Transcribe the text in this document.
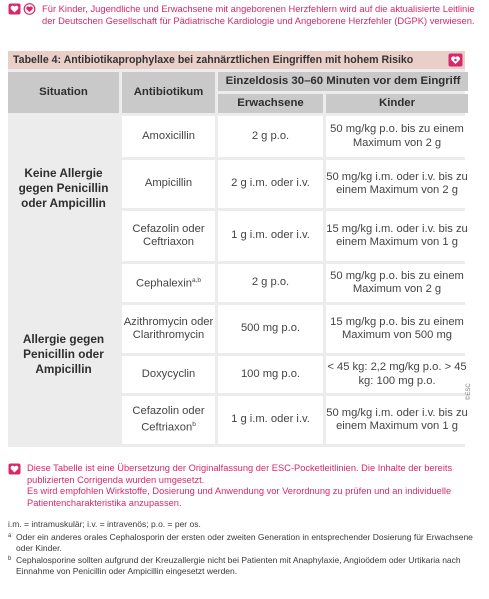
Für Kinder, Jugendliche und Erwachsene mit angeborenen Herzfehlern wird auf die aktualisierte Leitlinie der Deutschen Gesellschaft für Pädiatrische Kardiologie und Angeborene Herzfehler (DGPK) verwiesen.
Tabelle 4: Antibiotikaprophylaxe bei zahnärztlichen Eingriffen mit hohem Risiko
Situation	Antibiotikum	Einzeldosis 30–60 Minuten vor dem Eingriff	
		Erwachsene	Kinder
Keine Allergie gegen Penicillin oder Ampicillin	Amoxicillin	2 g p.o.	50 mg/kg p.o. bis zu einem Maximum von 2 g
	Ampicillin	2 g i.m. oder i.v.	50 mg/kg i.m. oder i.v. bis zu einem Maximum von 2 g
	Cefazolin oder Ceftriaxon	1 g i.m. oder i.v.	15 mg/kg i.m. oder i.v. bis zu einem Maximum von 1 g
Allergie gegen Penicillin oder Ampicillin	Cephalexin$^{a,b}$	2 g p.o.	50 mg/kg p.o. bis zu einem Maximum von 2 g
	Azithromycin oder Clarithromycin	500 mg p.o.	15 mg/kg p.o. bis zu einem Maximum von 500 mg
	Doxycyclin	100 mg p.o.	< 45 kg: 2,2 mg/kg p.o. > 45 kg: 100 mg p.o.
	Cefazolin oder Ceftriaxon$^b$	1 g i.m. oder i.v.	50 mg/kg i.m. oder i.v. bis zu einem Maximum von 1 g
©ESC
Diese Tabelle ist eine Übersetzung der Originalfassung der ESC-Pocketleitlinien. Die Inhalte der bereits publizierten Corrigenda wurden umgesetzt.
Es wird empfohlen Wirkstoffe, Dosierung und Anwendung vor Verordnung zu prüfen und an individuelle Patientencharakteristika anzupassen.
i.m. = intramuskulär; i.v. = intravenös; p.o. = per os.
a Oder ein anderes orales Cephalosporin der ersten oder zweiten Generation in entsprechender Dosierung für Erwachsene oder Kinder.
b Cephalosporine sollten aufgrund der Kreuzallergie nicht bei Patienten mit Anaphylaxie, Angioödem oder Urtikaria nach Einnahme von Penicillin oder Ampicillin eingesetzt werden.
